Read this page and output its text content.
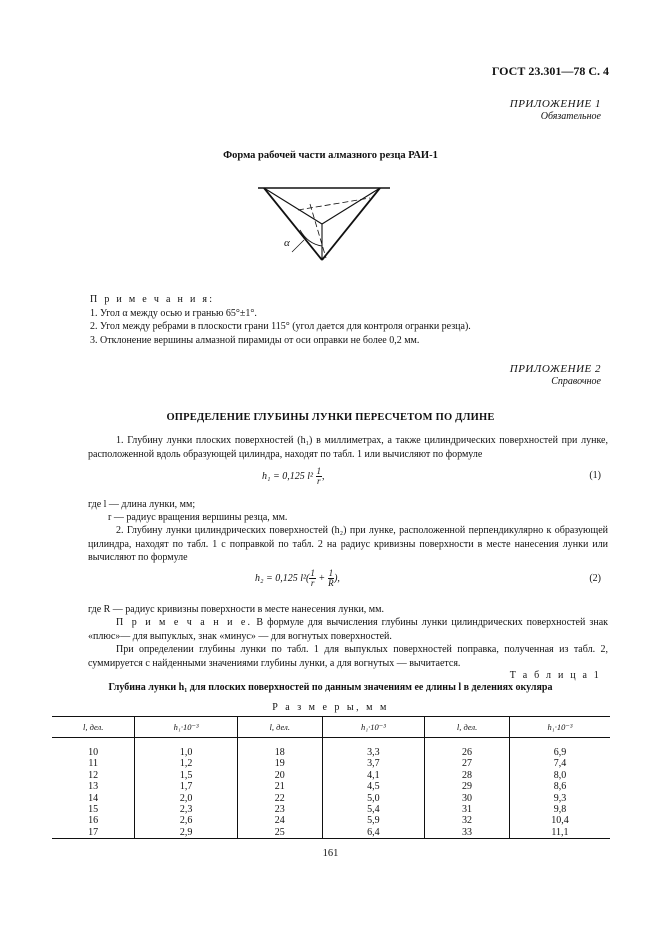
ГОСТ 23.301—78 С. 4
ПРИЛОЖЕНИЕ 1
Обязательное
Форма рабочей части алмазного резца РАИ-1
α
П р и м е ч а н и я:
1. Угол α между осью и гранью 65°±1°.
2. Угол между ребрами в плоскости грани 115° (угол дается для контроля огранки резца).
3. Отклонение вершины алмазной пирамиды от оси оправки не более 0,2 мм.
ПРИЛОЖЕНИЕ 2
Справочное
ОПРЕДЕЛЕНИЕ ГЛУБИНЫ ЛУНКИ ПЕРЕСЧЕТОМ ПО ДЛИНЕ
1. Глубину лунки плоских поверхностей (h₁) в миллиметрах, а также цилиндрических поверхностей при лунке, расположенной вдоль образующей цилиндра, находят по табл. 1 или вычисляют по формуле
h₁ = 0,125 $l^2 \frac{1}{r}$ ,	(1)
где l — длина лунки, мм;
r — радиус вращения вершины резца, мм.
2. Глубину лунки цилиндрических поверхностей (h₂) при лунке, расположенной перпендикулярно к образующей цилиндра, находят по табл. 1 с поправкой по табл. 2 на радиус кривизны поверхности в месте нанесения лунки или вычисляют по формуле
h₂ = 0,125 $l^2( \frac{1}{r} + \frac{1}{R}$ ),	(2)
где R — радиус кривизны поверхности в месте нанесения лунки, мм.
П р и м е ч а н и е. В формуле для вычисления глубины лунки цилиндрических поверхностей знак «плюс»— для выпуклых, знак «минус» — для вогнутых поверхностей.
При определении глубины лунки по табл. 1 для выпуклых поверхностей поправка, полученная из табл. 2, суммируется с найденными значениями глубины лунки, а для вогнутых — вычитается.
Т а б л и ц а 1
Глубина лунки h₁ для плоских поверхностей по данным значениям ее длины l в делениях окуляра
Р а з м е р ы, м м
l, дел.	h₁·10⁻³	l, дел.	h₁·10⁻³	l, дел.	h₁·10⁻³
10	1,0	18	3,3	26	6,9
11	1,2	19	3,7	27	7,4
12	1,5	20	4,1	28	8,0
13	1,7	21	4,5	29	8,6
14	2,0	22	5,0	30	9,3
15	2,3	23	5,4	31	9,8
16	2,6	24	5,9	32	10,4
17	2,9	25	6,4	33	11,1
161
